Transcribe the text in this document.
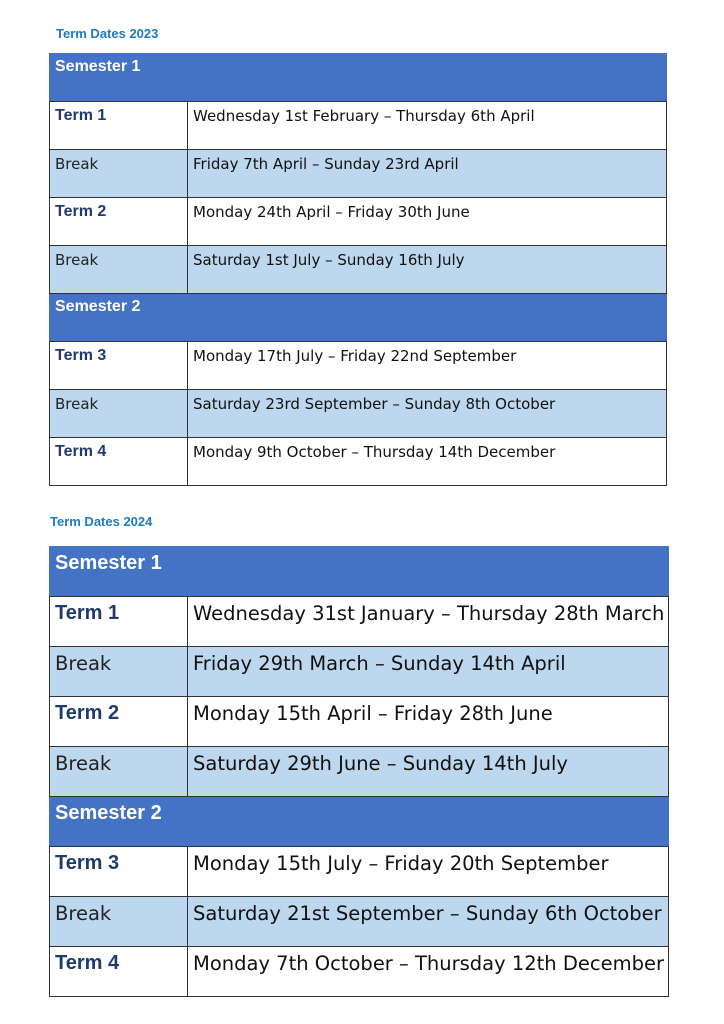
Term Dates 2023
Semester 1	
Term 1	Wednesday 1st February – Thursday 6th April
Break	Friday 7th April – Sunday 23rd April
Term 2	Monday 24th April – Friday 30th June
Break	Saturday 1st July – Sunday 16th July
Semester 2	
Term 3	Monday 17th July – Friday 22nd September
Break	Saturday 23rd September – Sunday 8th October
Term 4	Monday 9th October – Thursday 14th December
Term Dates 2024
Semester 1	
Term 1	Wednesday 31st January – Thursday 28th March
Break	Friday 29th March – Sunday 14th April
Term 2	Monday 15th April – Friday 28th June
Break	Saturday 29th June – Sunday 14th July
Semester 2	
Term 3	Monday 15th July – Friday 20th September
Break	Saturday 21st September – Sunday 6th October
Term 4	Monday 7th October – Thursday 12th December
